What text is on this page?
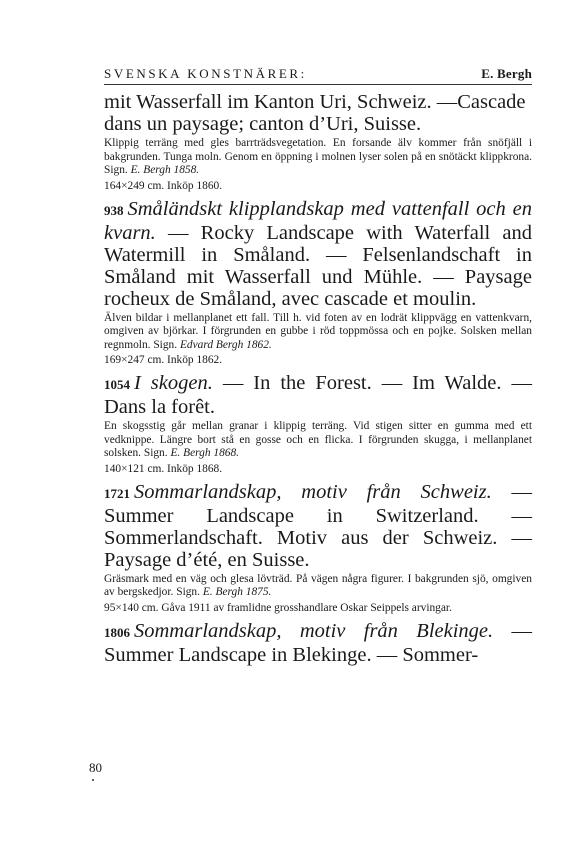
SVENSKA KONSTNÄRER:	E. Bergh

mit Wasserfall im Kanton Uri, Schweiz. —Cascade dans un paysage; canton d’Uri, Suisse.

Klippig terräng med gles barrträdsvegetation. En forsande älv kommer från snöfjäll i bakgrunden. Tunga moln. Genom en öppning i molnen lyser solen på en snötäckt klippkrona. Sign. E. Bergh 1858.

164×249 cm. Inköp 1860.

938 Småländskt klipplandskap med vattenfall och en kvarn. — Rocky Landscape with Waterfall and Watermill in Småland. — Felsenlandschaft in Småland mit Wasserfall und Mühle. — Paysage rocheux de Småland, avec cascade et moulin.

Älven bildar i mellanplanet ett fall. Till h. vid foten av en lodrät klippvägg en vattenkvarn, omgiven av björkar. I förgrunden en gubbe i röd toppmössa och en pojke. Solsken mellan regnmoln. Sign. Edvard Bergh 1862.

169×247 cm. Inköp 1862.

1054 I skogen. — In the Forest. — Im Walde. — Dans la forêt.

En skogsstig går mellan granar i klippig terräng. Vid stigen sitter en gumma med ett vedknippe. Längre bort stå en gosse och en flicka. I förgrunden skugga, i mellanplanet solsken. Sign. E. Bergh 1868.

140×121 cm. Inköp 1868.

1721 Sommarlandskap, motiv från Schweiz. — Summer Landscape in Switzerland. — Sommerlandschaft. Motiv aus der Schweiz. — Paysage d’été, en Suisse.

Gräsmark med en väg och glesa lövträd. På vägen några figurer. I bakgrunden sjö, omgiven av bergskedjor. Sign. E. Bergh 1875.

95×140 cm. Gåva 1911 av framlidne grosshandlare Oskar Seippels arvingar.

1806 Sommarlandskap, motiv från Blekinge. — Summer Landscape in Blekinge. — Sommer-

80
